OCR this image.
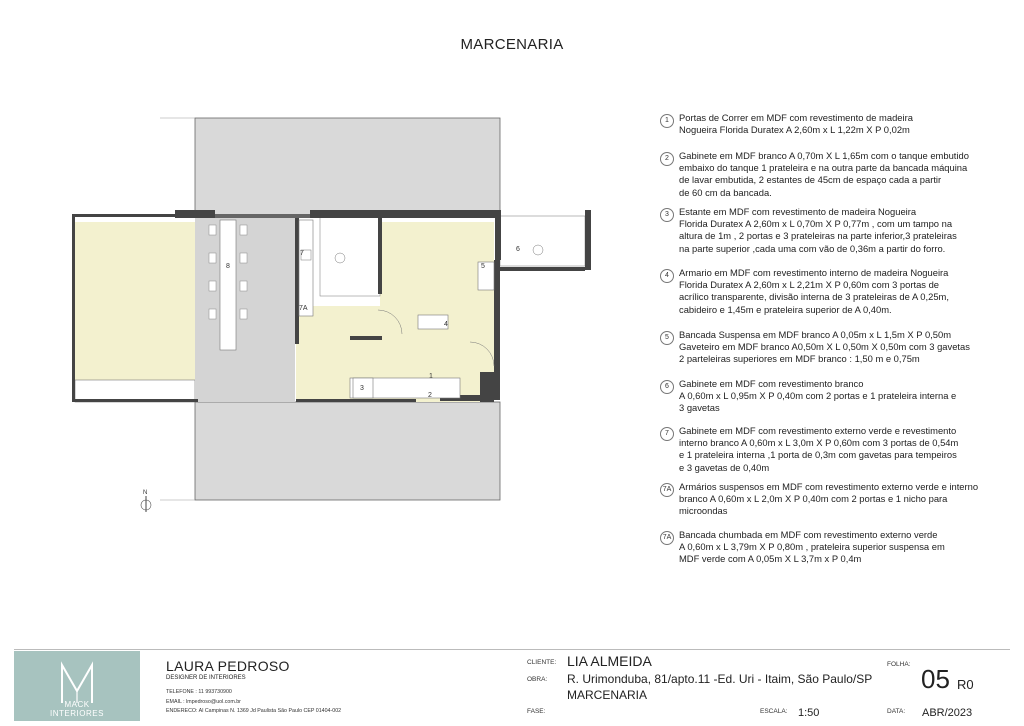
MARCENARIA
8
7
7A
5
6
4
1
3
2
N
1	Portas de Correr em MDF com revestimento de madeira
Nogueira Florida Duratex A 2,60m x L 1,22m X P 0,02m
2	Gabinete em MDF branco A 0,70m X L 1,65m com o tanque embutido
embaixo do tanque 1 prateleira e na outra parte da bancada máquina
de lavar embutida, 2 estantes de 45cm de espaço cada a partir
de 60 cm da bancada.
3	Estante em MDF com revestimento de madeira Nogueira
Florida Duratex A 2,60m x L 0,70m X P 0,77m , com um tampo na
altura de 1m , 2 portas e 3 prateleiras na parte inferior,3 prateleiras
na parte superior ,cada uma com vão de 0,36m a partir do forro.
4	Armario em MDF com revestimento interno de madeira Nogueira
Florida Duratex A 2,60m x L 2,21m X P 0,60m com 3 portas de
acrílico transparente, divisão interna de 3 prateleiras de A 0,25m,
cabideiro e 1,45m e prateleira superior de A 0,40m.
5	Bancada Suspensa em MDF branco A 0,05m x L 1,5m X P 0,50m
Gaveteiro em MDF branco A0,50m X L 0,50m X 0,50m com 3 gavetas
2 parteleiras superiores em MDF branco : 1,50 m e 0,75m
6	Gabinete em MDF com revestimento branco
A 0,60m x L 0,95m X P 0,40m com 2 portas e 1 prateleira interna e
3 gavetas
7	Gabinete em MDF com revestimento externo verde e revestimento
interno branco A 0,60m x L 3,0m X P 0,60m com 3 portas de 0,54m
e 1 prateleira interna ,1 porta de 0,3m com gavetas para tempeiros
e 3 gavetas de 0,40m
7A Armários suspensos em MDF com revestimento externo verde e interno
branco A 0,60m x L 2,0m X P 0,40m com 2 portas e 1 nicho para
microondas
7A Bancada chumbada em MDF com revestimento externo verde
A 0,60m x L 3,79m X P 0,80m , prateleira superior suspensa em
MDF verde com A 0,05m X L 3,7m x P 0,4m
MACK
INTERIORES
LAURA PEDROSO
DESIGNER DE INTERIORES
TELEFONE : 11 993730900
EMAIL : lmpedroso@uol.com.br
ENDERECO: Al Campinas N. 1369 Jd Paulista São Paulo CEP 01404-002
CLIENTE: LIA ALMEIDA
OBRA: R. Urimonduba, 81/apto.11 -Ed. Uri - Itaim, São Paulo/SP
MARCENARIA
FASE:	ESCALA: 1:50
FOLHA: 05 R0
DATA: ABR/2023
